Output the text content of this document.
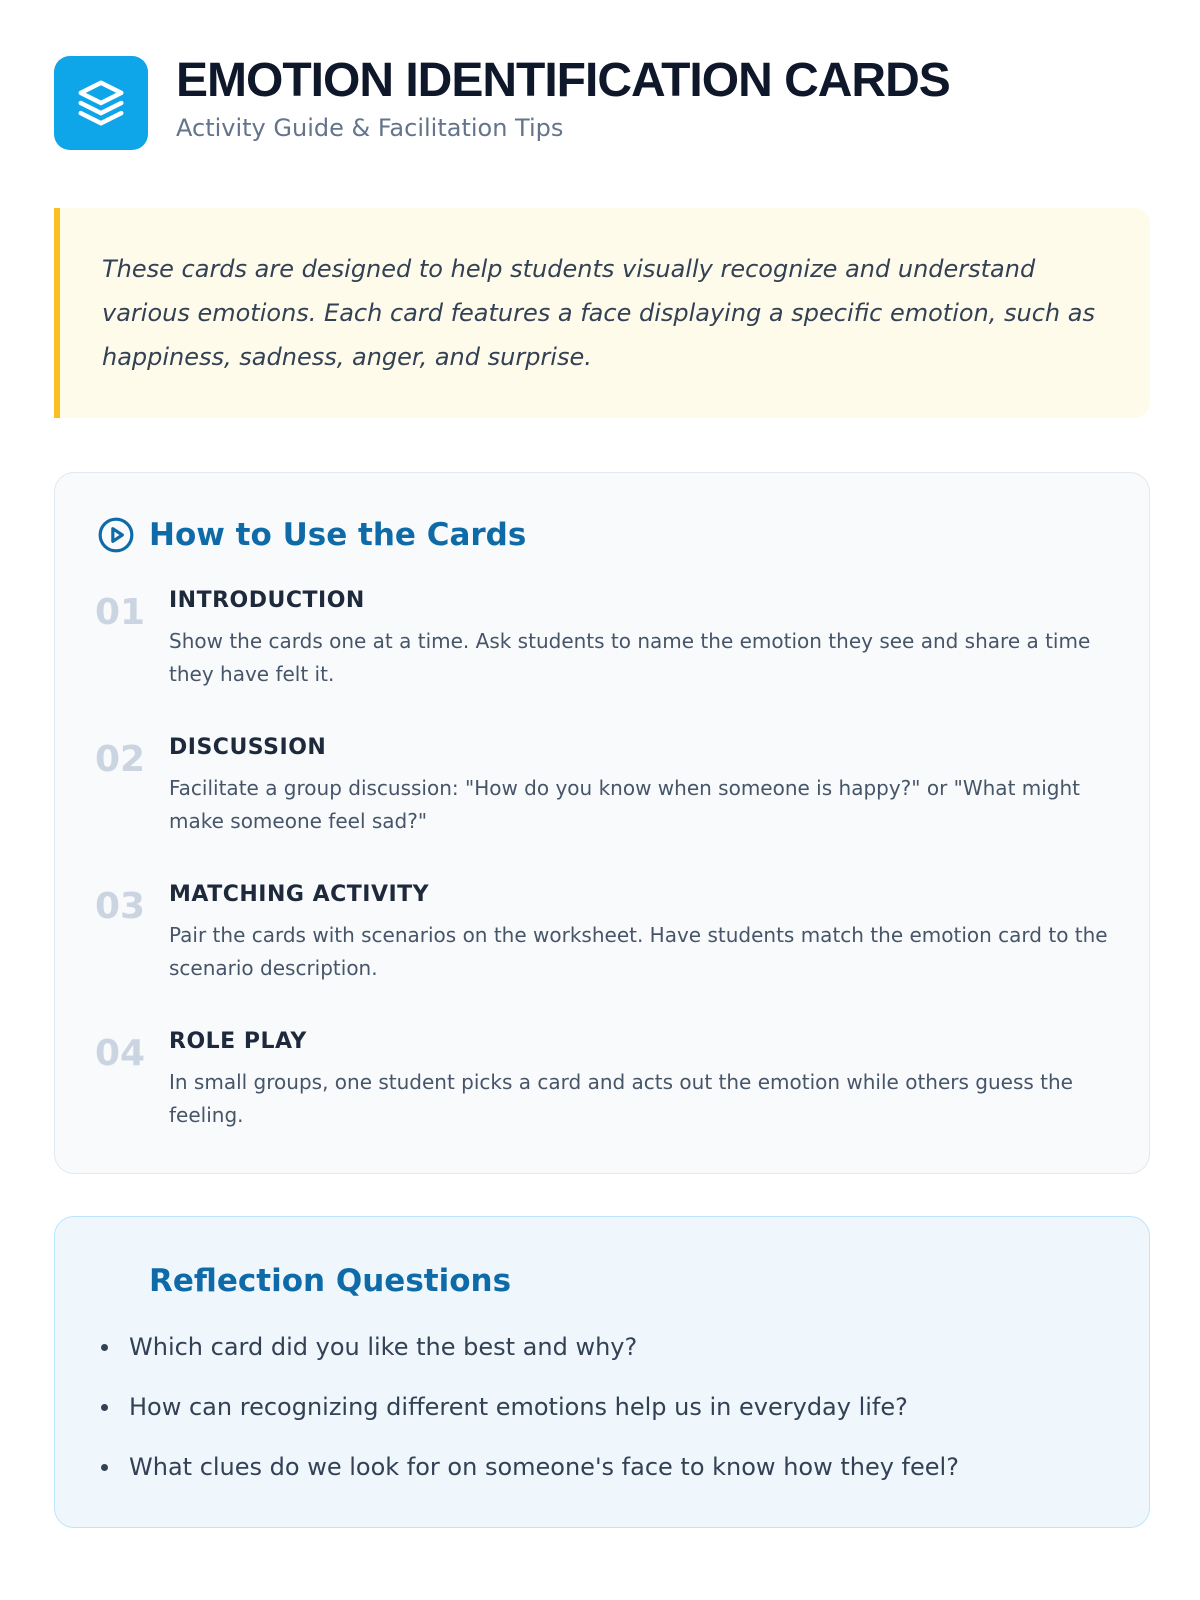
EMOTION IDENTIFICATION CARDS
Activity Guide & Facilitation Tips

These cards are designed to help students visually recognize and understand various emotions. Each card features a face displaying a specific emotion, such as happiness, sadness, anger, and surprise.

How to Use the Cards
01 INTRODUCTION
Show the cards one at a time. Ask students to name the emotion they see and share a time they have felt it.
02 DISCUSSION
Facilitate a group discussion: "How do you know when someone is happy?" or "What might make someone feel sad?"
03 MATCHING ACTIVITY
Pair the cards with scenarios on the worksheet. Have students match the emotion card to the scenario description.
04 ROLE PLAY
In small groups, one student picks a card and acts out the emotion while others guess the feeling.
Reflection Questions
Which card did you like the best and why?
How can recognizing different emotions help us in everyday life?
What clues do we look for on someone's face to know how they feel?
